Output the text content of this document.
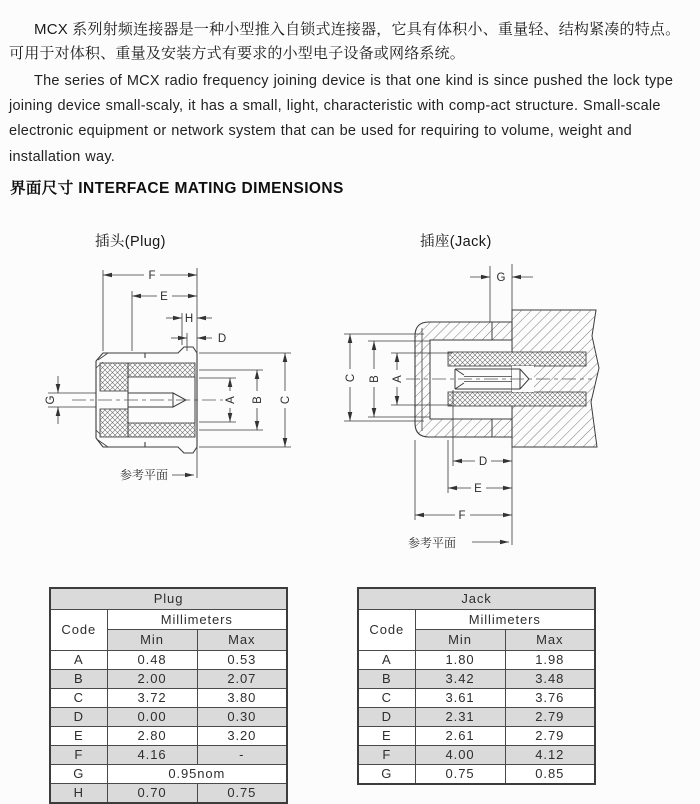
MCX 系列射频连接器是一种小型推入自锁式连接器，它具有体积小、重量轻、结构紧凑的特点。可用于对体积、重量及安装方式有要求的小型电子设备或网络系统。

The series of MCX radio frequency joining device is that one kind is since pushed the lock type joining device small-scaly, it has a small, light, characteristic with comp-act structure. Small-scale electronic equipment or network system that can be used for requiring to volume, weight and installation way.

界面尺寸 INTERFACE MATING DIMENSIONS
插头(Plug)	插座(Jack)
F
E
H
D
G	A B C
参考平面
G
C B A
D
E
F
参考平面
Plug		
Code	Millimeters	
	Min	Max
A	0.48	0.53
B	2.00	2.07
C	3.72	3.80
D	0.00	0.30
E	2.80	3.20
F	4.16	-
G	0.95nom	
H	0.70	0.75
Jack		
Code	Millimeters	
	Min	Max
A	1.80	1.98
B	3.42	3.48
C	3.61	3.76
D	2.31	2.79
E	2.61	2.79
F	4.00	4.12
G	0.75	0.85
